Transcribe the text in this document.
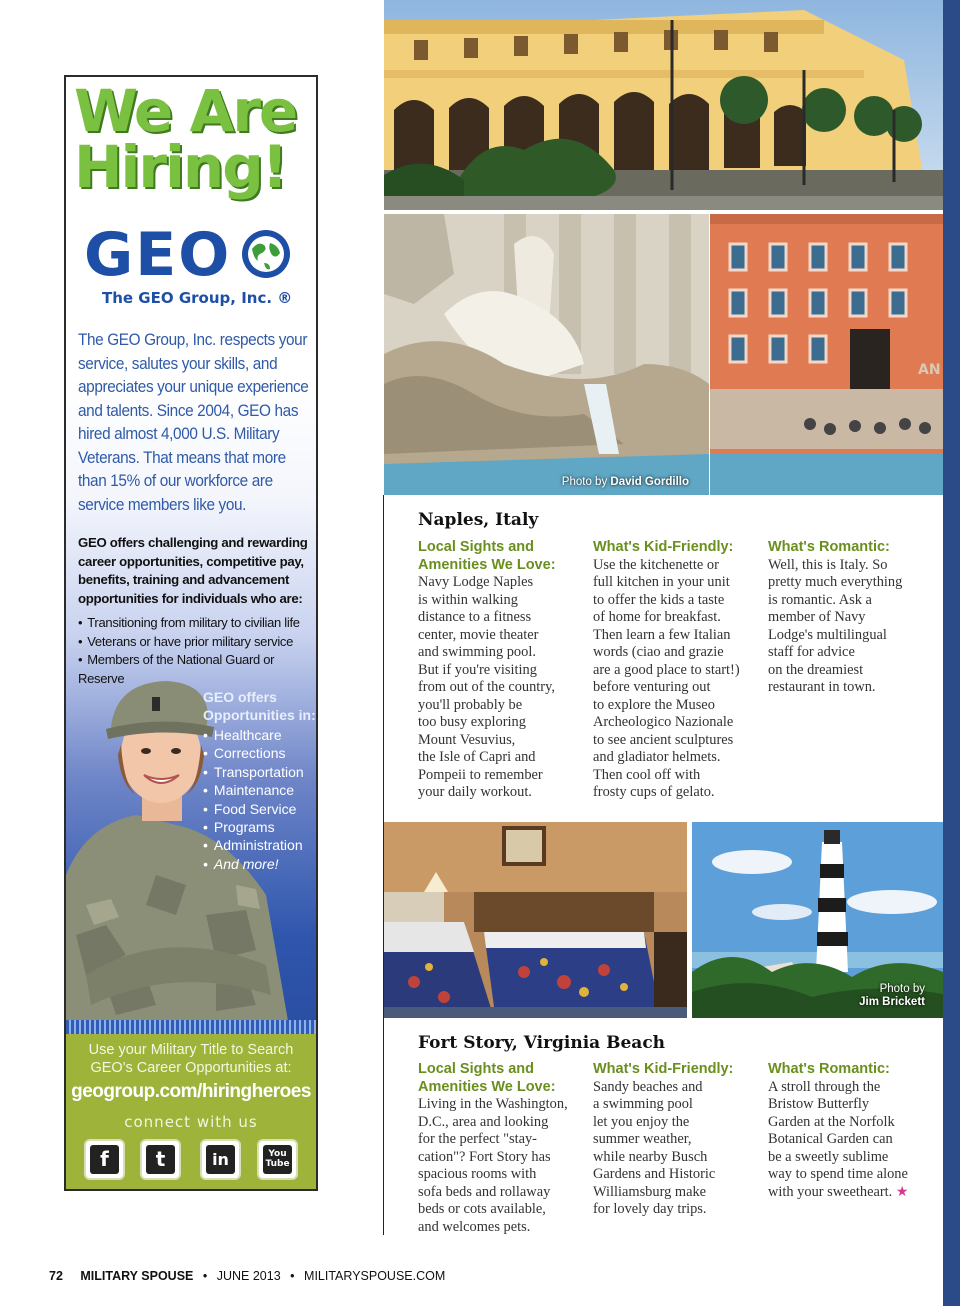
We Are Hiring!
GEO
The GEO Group, Inc. ®
The GEO Group, Inc. respects your service, salutes your skills, and appreciates your unique experience and talents. Since 2004, GEO has hired almost 4,000 U.S. Military Veterans. That means that more than 15% of our workforce are service members like you.
GEO offers challenging and rewarding career opportunities, competitive pay, benefits, training and advancement opportunities for individuals who are:
• Transitioning from military to civilian life
• Veterans or have prior military service
• Members of the National Guard or Reserve
GEO offers Opportunities in:
• Healthcare
• Corrections
• Transportation
• Maintenance
• Food Service
• Programs
• Administration
• And more!
Use your Military Title to Search GEO's Career Opportunities at:
geogroup.com/hiringheroes
connect with us
f	t	in	You Tube
Photo by David Gordillo
AN
Photo by
Jim Brickett
Naples, Italy
Local Sights and Amenities We Love:
Navy Lodge Naples
is within walking
distance to a fitness
center, movie theater
and swimming pool.
But if you're visiting
from out of the country,
you'll probably be
too busy exploring
Mount Vesuvius,
the Isle of Capri and
Pompeii to remember
your daily workout.
What's Kid-Friendly:
Use the kitchenette or
full kitchen in your unit
to offer the kids a taste
of home for breakfast.
Then learn a few Italian
words (ciao and grazie
are a good place to start!)
before venturing out
to explore the Museo
Archeologico Nazionale
to see ancient sculptures
and gladiator helmets.
Then cool off with
frosty cups of gelato.
What's Romantic:
Well, this is Italy. So
pretty much everything
is romantic. Ask a
member of Navy
Lodge's multilingual
staff for advice
on the dreamiest
restaurant in town.
Fort Story, Virginia Beach
Local Sights and Amenities We Love:
Living in the Washington,
D.C., area and looking
for the perfect "stay-
cation"? Fort Story has
spacious rooms with
sofa beds and rollaway
beds or cots available,
and welcomes pets.
What's Kid-Friendly:
Sandy beaches and
a swimming pool
let you enjoy the
summer weather,
while nearby Busch
Gardens and Historic
Williamsburg make
for lovely day trips.
What's Romantic:
A stroll through the
Bristow Butterfly
Garden at the Norfolk
Botanical Garden can
be a sweetly sublime
way to spend time alone
with your sweetheart. ★
72 MILITARY SPOUSE • JUNE 2013 • MILITARYSPOUSE.COM
